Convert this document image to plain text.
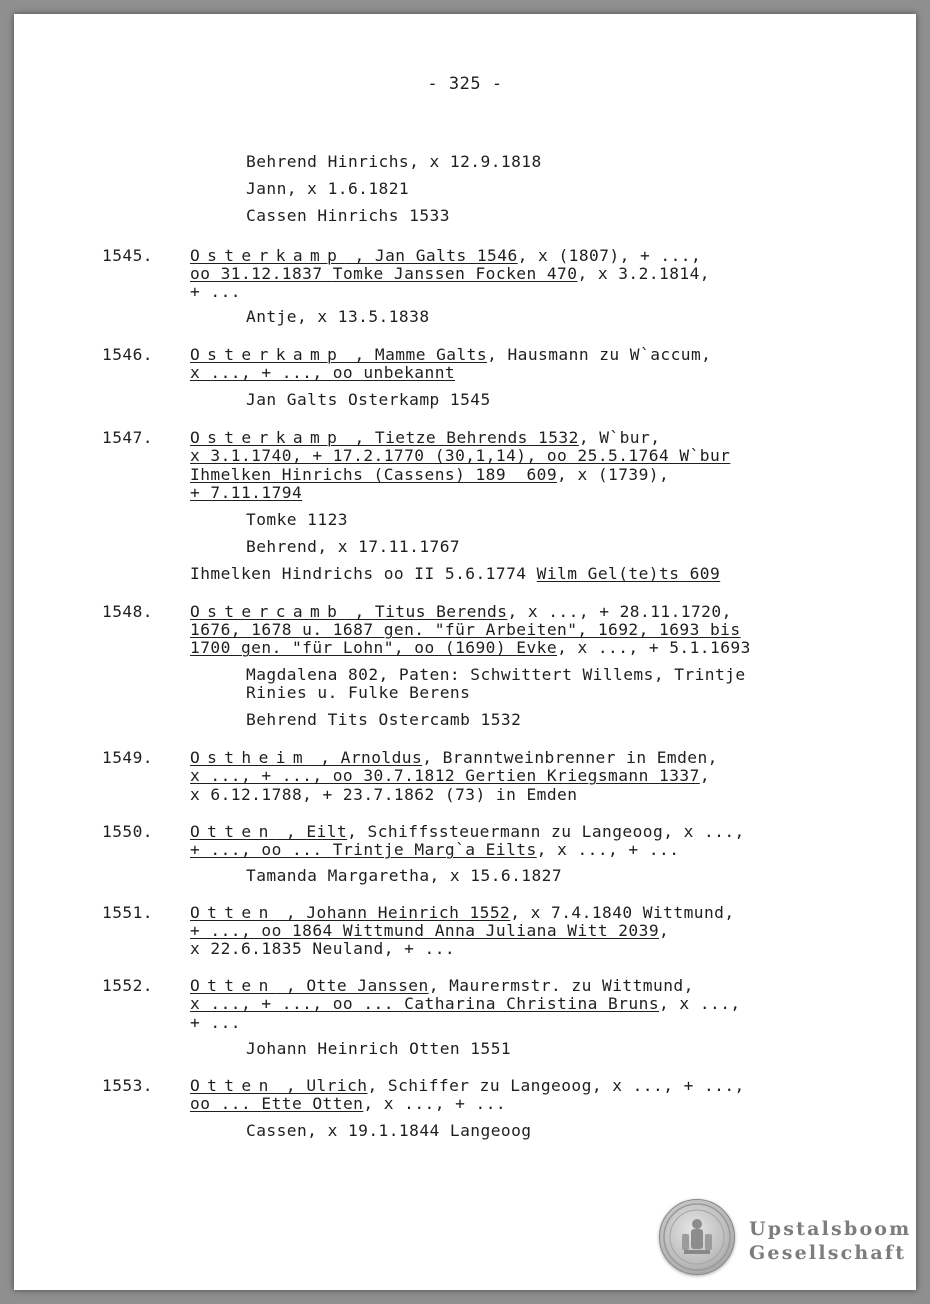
- 325 -
Behrend Hinrichs, x 12.9.1818
Jann, x 1.6.1821
Cassen Hinrichs 1533
1545. Osterkamp , Jan Galts 1546, x (1807), + ...,
oo 31.12.1837 Tomke Janssen Focken 470, x 3.2.1814,
+ ...
Antje, x 13.5.1838
1546. Osterkamp , Mamme Galts, Hausmann zu W`accum,
x ..., + ..., oo unbekannt
Jan Galts Osterkamp 1545
1547. Osterkamp , Tietze Behrends 1532, W`bur,
x 3.1.1740, + 17.2.1770 (30,1,14), oo 25.5.1764 W`bur
Ihmelken Hinrichs (Cassens) 189  609, x (1739),
+ 7.11.1794
Tomke 1123
Behrend, x 17.11.1767
Ihmelken Hindrichs oo II 5.6.1774 Wilm Gel(te)ts 609
1548. Ostercamb , Titus Berends, x ..., + 28.11.1720,
1676, 1678 u. 1687 gen. "für Arbeiten", 1692, 1693 bis
1700 gen. "für Lohn", oo (1690) Evke, x ..., + 5.1.1693
Magdalena 802, Paten: Schwittert Willems, Trintje
Rinies u. Fulke Berens
Behrend Tits Ostercamb 1532
1549. Ostheim , Arnoldus, Branntweinbrenner in Emden,
x ..., + ..., oo 30.7.1812 Gertien Kriegsmann 1337,
x 6.12.1788, + 23.7.1862 (73) in Emden
1550. Otten , Eilt, Schiffssteuermann zu Langeoog, x ...,
+ ..., oo ... Trintje Marg`a Eilts, x ..., + ...
Tamanda Margaretha, x 15.6.1827
1551. Otten , Johann Heinrich 1552, x 7.4.1840 Wittmund,
+ ..., oo 1864 Wittmund Anna Juliana Witt 2039,
x 22.6.1835 Neuland, + ...
1552. Otten , Otte Janssen, Maurermstr. zu Wittmund,
x ..., + ..., oo ... Catharina Christina Bruns, x ...,
+ ...
Johann Heinrich Otten 1551
1553. Otten , Ulrich, Schiffer zu Langeoog, x ..., + ...,
oo ... Ette Otten, x ..., + ...
Cassen, x 19.1.1844 Langeoog
Upstalsboom
Gesellschaft
